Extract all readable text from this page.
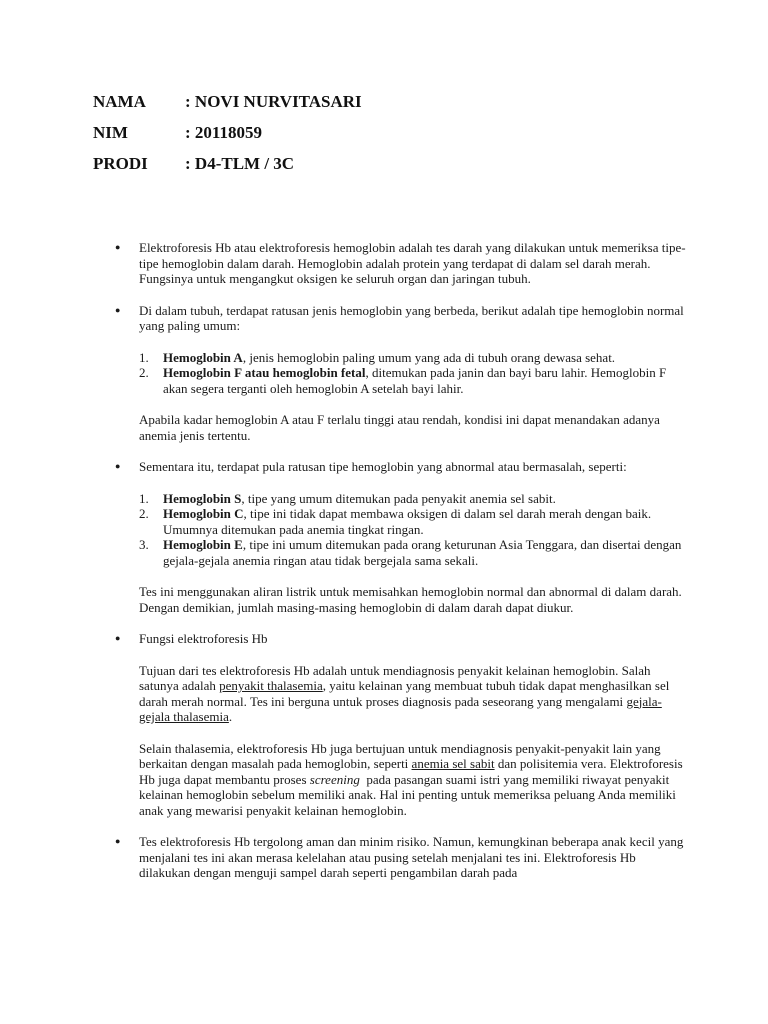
NAMA	: NOVI NURVITASARI
NIM	: 20118059
PRODI	: D4-TLM / 3C
●	Elektroforesis Hb atau elektroforesis hemoglobin adalah tes darah yang dilakukan untuk memeriksa tipe-tipe hemoglobin dalam darah. Hemoglobin adalah protein yang terdapat di dalam sel darah merah. Fungsinya untuk mengangkut oksigen ke seluruh organ dan jaringan tubuh.

●	Di dalam tubuh, terdapat ratusan jenis hemoglobin yang berbeda, berikut adalah tipe hemoglobin normal yang paling umum:

1.	Hemoglobin A, jenis hemoglobin paling umum yang ada di tubuh orang dewasa sehat.
2.	Hemoglobin F atau hemoglobin fetal, ditemukan pada janin dan bayi baru lahir. Hemoglobin F akan segera terganti oleh hemoglobin A setelah bayi lahir.

Apabila kadar hemoglobin A atau F terlalu tinggi atau rendah, kondisi ini dapat menandakan adanya anemia jenis tertentu.

●	Sementara itu, terdapat pula ratusan tipe hemoglobin yang abnormal atau bermasalah, seperti:

1.	Hemoglobin S, tipe yang umum ditemukan pada penyakit anemia sel sabit.
2.	Hemoglobin C, tipe ini tidak dapat membawa oksigen di dalam sel darah merah dengan baik. Umumnya ditemukan pada anemia tingkat ringan.
3.	Hemoglobin E, tipe ini umum ditemukan pada orang keturunan Asia Tenggara, dan disertai dengan gejala-gejala anemia ringan atau tidak bergejala sama sekali.

Tes ini menggunakan aliran listrik untuk memisahkan hemoglobin normal dan abnormal di dalam darah. Dengan demikian, jumlah masing-masing hemoglobin di dalam darah dapat diukur.

●	Fungsi elektroforesis Hb

Tujuan dari tes elektroforesis Hb adalah untuk mendiagnosis penyakit kelainan hemoglobin. Salah satunya adalah penyakit thalasemia, yaitu kelainan yang membuat tubuh tidak dapat menghasilkan sel darah merah normal. Tes ini berguna untuk proses diagnosis pada seseorang yang mengalami gejala-gejala thalasemia.

Selain thalasemia, elektroforesis Hb juga bertujuan untuk mendiagnosis penyakit-penyakit lain yang berkaitan dengan masalah pada hemoglobin, seperti anemia sel sabit dan polisitemia vera. Elektroforesis Hb juga dapat membantu proses screening  pada pasangan suami istri yang memiliki riwayat penyakit kelainan hemoglobin sebelum memiliki anak. Hal ini penting untuk memeriksa peluang Anda memiliki anak yang mewarisi penyakit kelainan hemoglobin.

●	Tes elektroforesis Hb tergolong aman dan minim risiko. Namun, kemungkinan beberapa anak kecil yang menjalani tes ini akan merasa kelelahan atau pusing setelah menjalani tes ini. Elektroforesis Hb dilakukan dengan menguji sampel darah seperti pengambilan darah pada
